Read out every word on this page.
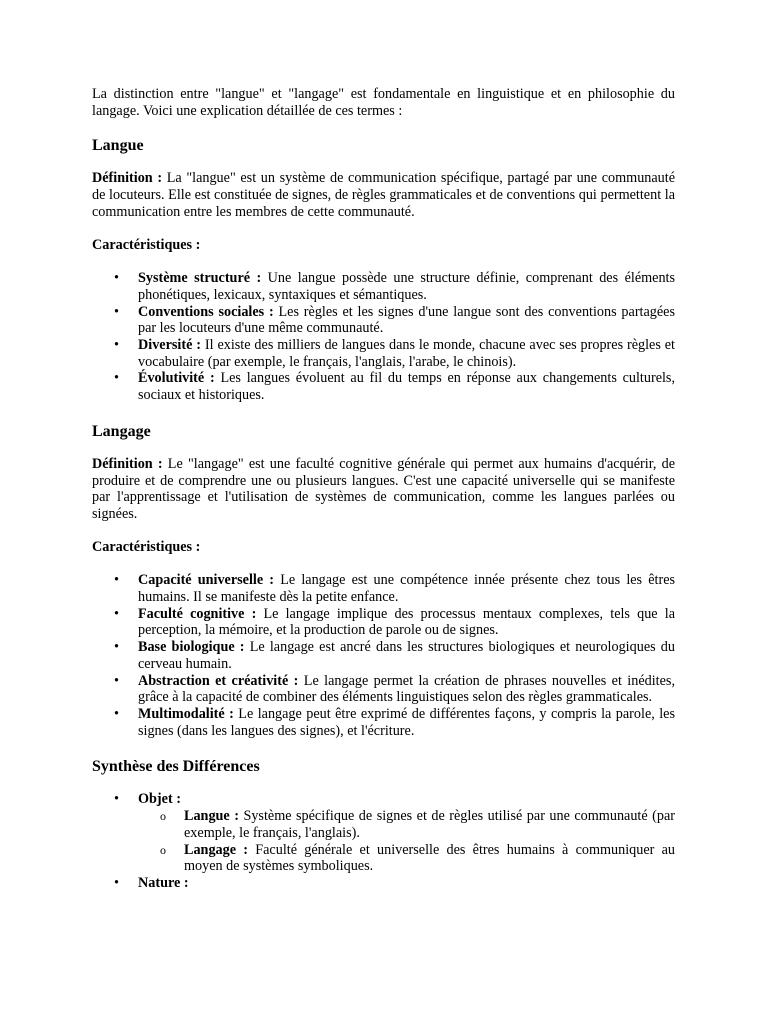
La distinction entre "langue" et "langage" est fondamentale en linguistique et en philosophie du langage. Voici une explication détaillée de ces termes :

Langue

Définition : La "langue" est un système de communication spécifique, partagé par une communauté de locuteurs. Elle est constituée de signes, de règles grammaticales et de conventions qui permettent la communication entre les membres de cette communauté.

Caractéristiques :

• Système structuré : Une langue possède une structure définie, comprenant des éléments phonétiques, lexicaux, syntaxiques et sémantiques.
• Conventions sociales : Les règles et les signes d'une langue sont des conventions partagées par les locuteurs d'une même communauté.
• Diversité : Il existe des milliers de langues dans le monde, chacune avec ses propres règles et vocabulaire (par exemple, le français, l'anglais, l'arabe, le chinois).
• Évolutivité : Les langues évoluent au fil du temps en réponse aux changements culturels, sociaux et historiques.
Langage

Définition : Le "langage" est une faculté cognitive générale qui permet aux humains d'acquérir, de produire et de comprendre une ou plusieurs langues. C'est une capacité universelle qui se manifeste par l'apprentissage et l'utilisation de systèmes de communication, comme les langues parlées ou signées.

Caractéristiques :

• Capacité universelle : Le langage est une compétence innée présente chez tous les êtres humains. Il se manifeste dès la petite enfance.
• Faculté cognitive : Le langage implique des processus mentaux complexes, tels que la perception, la mémoire, et la production de parole ou de signes.
• Base biologique : Le langage est ancré dans les structures biologiques et neurologiques du cerveau humain.
• Abstraction et créativité : Le langage permet la création de phrases nouvelles et inédites, grâce à la capacité de combiner des éléments linguistiques selon des règles grammaticales.
• Multimodalité : Le langage peut être exprimé de différentes façons, y compris la parole, les signes (dans les langues des signes), et l'écriture.
Synthèse des Différences
• Objet :
o Langue : Système spécifique de signes et de règles utilisé par une communauté (par exemple, le français, l'anglais).
o Langage : Faculté générale et universelle des êtres humains à communiquer au moyen de systèmes symboliques.
• Nature :
